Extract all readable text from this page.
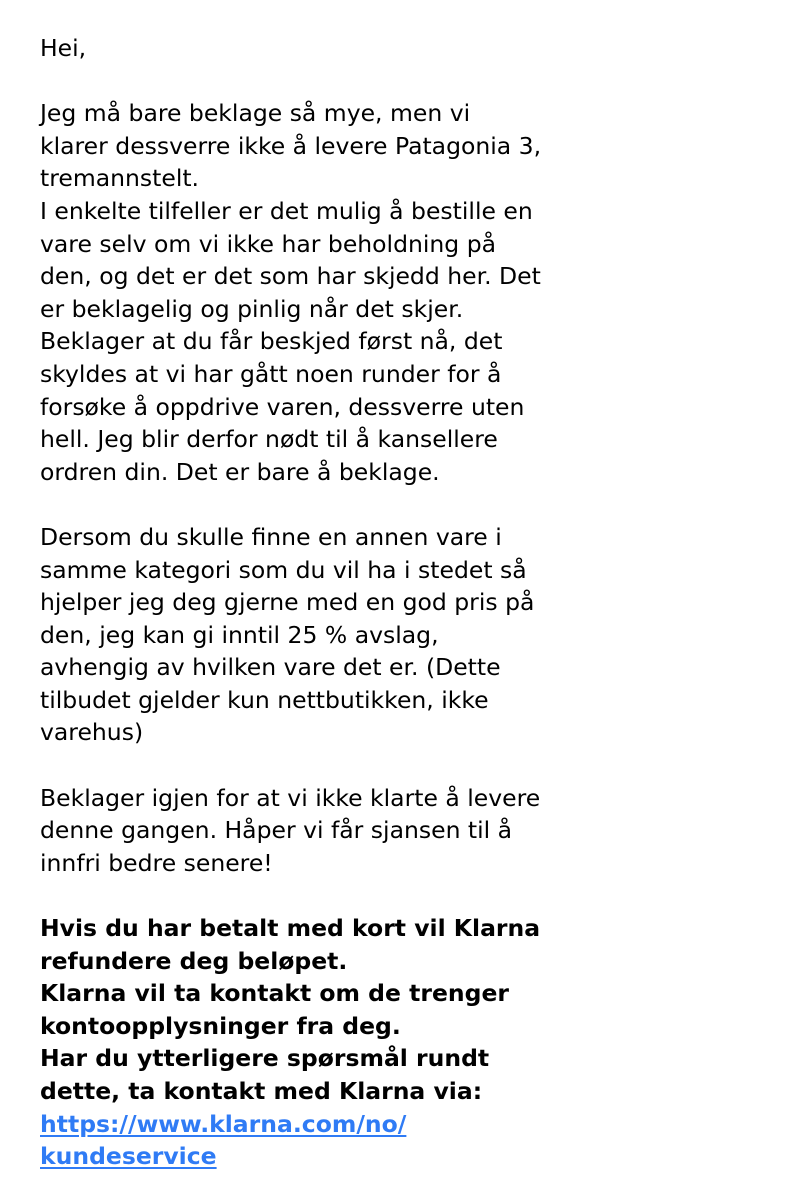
Hei,

Jeg må bare beklage så mye, men vi

klarer dessverre ikke å levere Patagonia 3,

tremannstelt.

I enkelte tilfeller er det mulig å bestille en

vare selv om vi ikke har beholdning på

den, og det er det som har skjedd her. Det

er beklagelig og pinlig når det skjer.

Beklager at du får beskjed først nå, det

skyldes at vi har gått noen runder for å

forsøke å oppdrive varen, dessverre uten

hell. Jeg blir derfor nødt til å kansellere

ordren din. Det er bare å beklage.

Dersom du skulle finne en annen vare i

samme kategori som du vil ha i stedet så

hjelper jeg deg gjerne med en god pris på

den, jeg kan gi inntil 25 % avslag,

avhengig av hvilken vare det er. (Dette

tilbudet gjelder kun nettbutikken, ikke

varehus)

Beklager igjen for at vi ikke klarte å levere

denne gangen. Håper vi får sjansen til å

innfri bedre senere!

Hvis du har betalt med kort vil Klarna

refundere deg beløpet.

Klarna vil ta kontakt om de trenger

kontoopplysninger fra deg.

Har du ytterligere spørsmål rundt

dette, ta kontakt med Klarna via:

https://www.klarna.com/no/

kundeservice
